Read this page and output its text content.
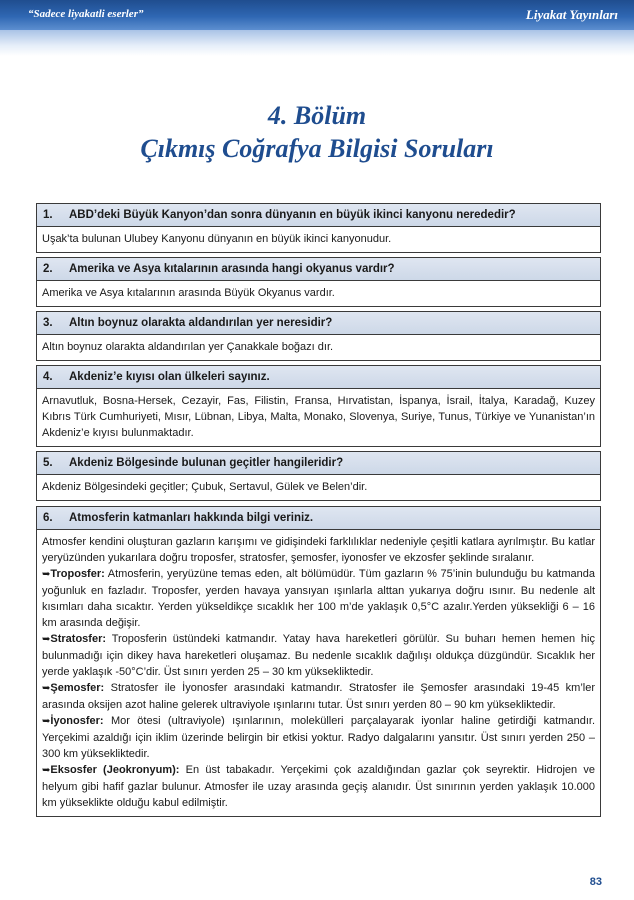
“Sadece liyakatli eserler”	Liyakat Yayınları
4. Bölüm
Çıkmış Coğrafya Bilgisi Soruları
1. ABD’deki Büyük Kanyon’dan sonra dünyanın en büyük ikinci kanyonu nerededir?

Uşak’ta bulunan Ulubey Kanyonu dünyanın en büyük ikinci kanyonudur.

2. Amerika ve Asya kıtalarının arasında hangi okyanus vardır?

Amerika ve Asya kıtalarının arasında Büyük Okyanus vardır.

3. Altın boynuz olarakta aldandırılan yer neresidir?

Altın boynuz olarakta aldandırılan yer Çanakkale boğazı dır.

4. Akdeniz’e kıyısı olan ülkeleri sayınız.

Arnavutluk, Bosna-Hersek, Cezayir, Fas, Filistin, Fransa, Hırvatistan, İspanya, İsrail, İtalya, Karadağ, Kuzey Kıbrıs Türk Cumhuriyeti, Mısır, Lübnan, Libya, Malta, Monako, Slovenya, Suriye, Tunus, Türkiye ve Yunanistan’ın Akdeniz’e kıyısı bulunmaktadır.

5. Akdeniz Bölgesinde bulunan geçitler hangileridir?

Akdeniz Bölgesindeki geçitler; Çubuk, Sertavul, Gülek ve Belen’dir.

6. Atmosferin katmanları hakkında bilgi veriniz.

Atmosfer kendini oluşturan gazların karışımı ve gidişindeki farklılıklar nedeniyle çeşitli katlara ayrılmıştır. Bu katlar yeryüzünden yukarılara doğru troposfer, stratosfer, şemosfer, iyonosfer ve ekzosfer şeklinde sıralanır.

➥Troposfer: Atmosferin, yeryüzüne temas eden, alt bölümüdür. Tüm gazların % 75’inin bulunduğu bu katmanda yoğunluk en fazladır. Troposfer, yerden havaya yansıyan ışınlarla alttan yukarıya doğru ısınır. Bu nedenle alt kısımları daha sıcaktır. Yerden yükseldikçe sıcaklık her 100 m’de yaklaşık 0,5°C azalır.Yerden yüksekliği 6 – 16 km arasında değişir.

➥Stratosfer: Troposferin üstündeki katmandır. Yatay hava hareketleri görülür. Su buharı hemen hemen hiç bulunmadığı için dikey hava hareketleri oluşamaz. Bu nedenle sıcaklık dağılışı oldukça düzgündür. Sıcaklık her yerde yaklaşık -50°C’dir. Üst sınırı yerden 25 – 30 km yüksekliktedir.

➥Şemosfer: Stratosfer ile İyonosfer arasındaki katmandır. Stratosfer ile Şemosfer arasındaki 19-45 km’ler arasında oksijen azot haline gelerek ultraviyole ışınlarını tutar. Üst sınırı yerden 80 – 90 km yüksekliktedir.

➥İyonosfer: Mor ötesi (ultraviyole) ışınlarının, molekülleri parçalayarak iyonlar haline getirdiği katmandır. Yerçekimi azaldığı için iklim üzerinde belirgin bir etkisi yoktur. Radyo dalgalarını yansıtır. Üst sınırı yerden 250 – 300 km yüksekliktedir.

➥Eksosfer (Jeokronyum): En üst tabakadır. Yerçekimi çok azaldığından gazlar çok seyrektir. Hidrojen ve helyum gibi hafif gazlar bulunur. Atmosfer ile uzay arasında geçiş alanıdır. Üst sınırının yerden yaklaşık 10.000 km yükseklikte olduğu kabul edilmiştir.

83
